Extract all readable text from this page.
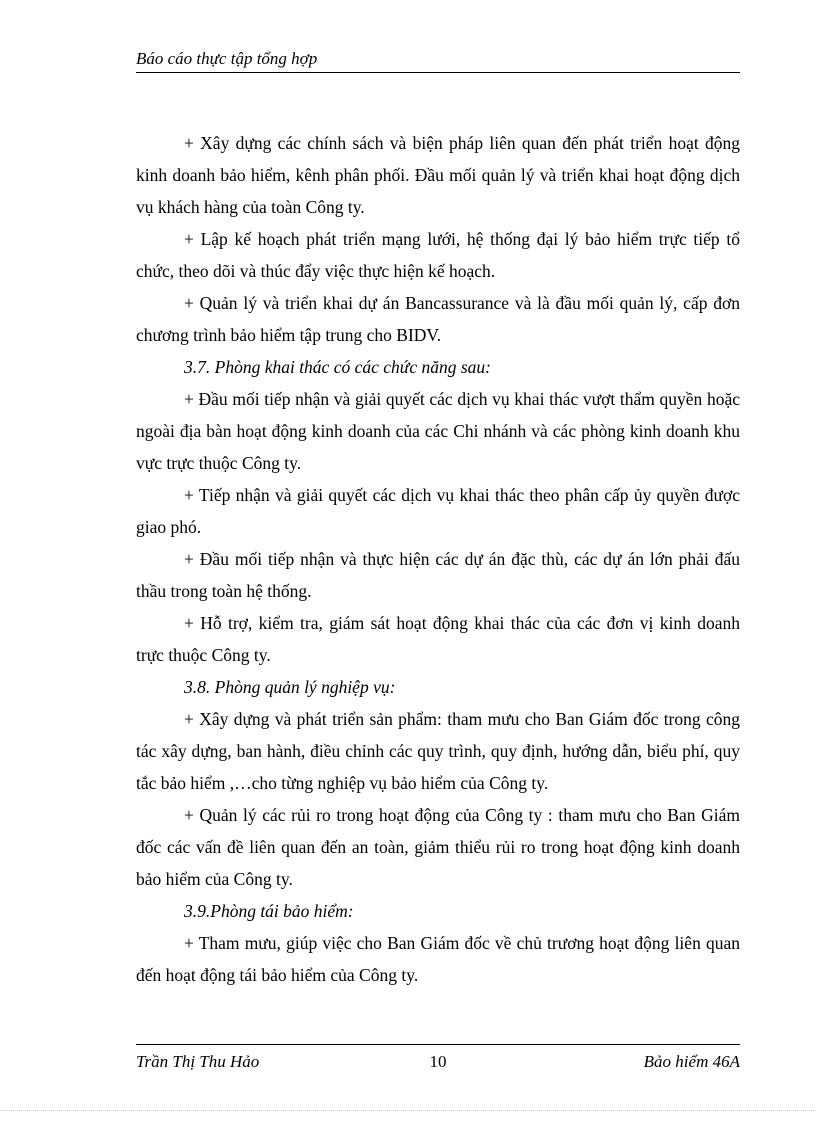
Báo cáo thực tập tổng hợp

+ Xây dựng các chính sách và biện pháp liên quan đến phát triển hoạt động kinh doanh bảo hiểm, kênh phân phối. Đầu mối quản lý và triển khai hoạt động dịch vụ khách hàng của toàn Công ty.

+ Lập kế hoạch phát triển mạng lưới, hệ thống đại lý bảo hiểm trực tiếp tổ chức, theo dõi và thúc đẩy việc thực hiện kế hoạch.

+ Quản lý và triển khai dự án Bancassurance và là đầu mối quản lý, cấp đơn chương trình bảo hiểm tập trung cho BIDV.

3.7. Phòng khai thác có các chức năng sau:

+ Đầu mối tiếp nhận và giải quyết các dịch vụ khai thác vượt thẩm quyền hoặc ngoài địa bàn hoạt động kinh doanh của các Chi nhánh và các phòng kinh doanh khu vực trực thuộc Công ty.

+ Tiếp nhận và giải quyết các dịch vụ khai thác theo phân cấp ủy quyền được giao phó.

+ Đầu mối tiếp nhận và thực hiện các dự án đặc thù, các dự án lớn phải đấu thầu trong toàn hệ thống.

+ Hỗ trợ, kiểm tra, giám sát hoạt động khai thác của các đơn vị kinh doanh trực thuộc Công ty.

3.8. Phòng quản lý nghiệp vụ:

+ Xây dựng và phát triển sản phẩm: tham mưu cho Ban Giám đốc trong công tác xây dựng, ban hành, điều chỉnh các quy trình, quy định, hướng dẫn, biểu phí, quy tắc bảo hiểm ,…cho từng nghiệp vụ bảo hiểm của Công ty.

+ Quản lý các rủi ro trong hoạt động của Công ty : tham mưu cho Ban Giám đốc các vấn đề liên quan đến an toàn, giảm thiểu rủi ro trong hoạt động kinh doanh bảo hiểm của Công ty.

3.9.Phòng tái bảo hiểm:

+ Tham mưu, giúp việc cho Ban Giám đốc về chủ trương hoạt động liên quan đến hoạt động tái bảo hiểm của Công ty.

Trần Thị Thu Hảo	10	Bảo hiểm 46A
